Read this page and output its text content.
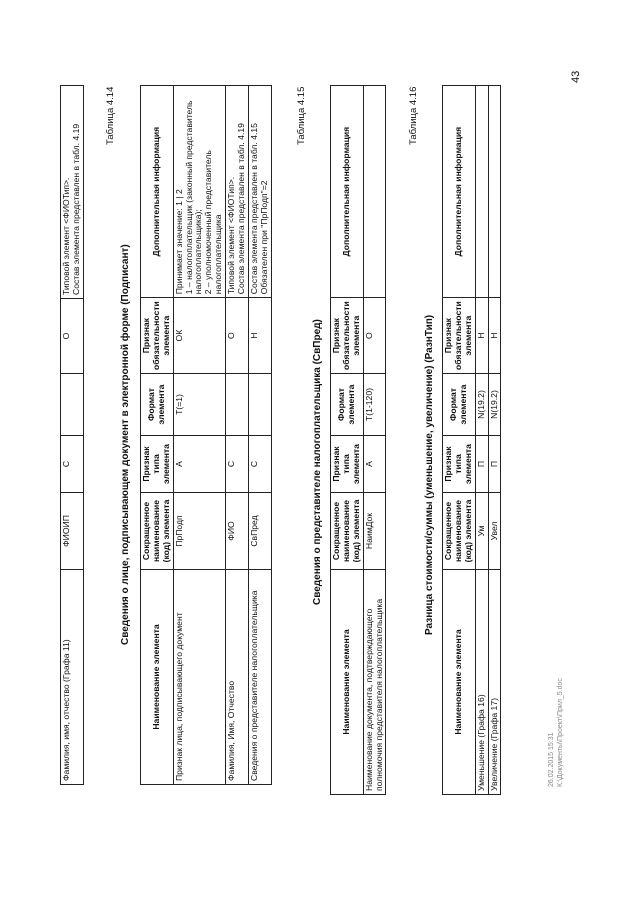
43
Фамилия, имя, отчество (Графа 11)	ФИОИП	С		О	Типовой элемент <ФИОТип>.
Состав элемента представлен в табл. 4.19	Таблица 4.14
Сведения о лице, подписывающем документ в электронной форме (Подписант)
Наименование элемента	Сокращенное наименование (код) элемента	Признак типа элемента	Формат элемента	Признак обязательности элемента	Дополнительная информация
Признак лица, подписывающего документ	ПрПодп	А	T(=1)	ОК	Принимает значение: 1 | 2
1 – налогоплательщик (законный представитель налогоплательщика);
2 – уполномоченный представитель налогоплательщика
Фамилия, Имя, Отчество	ФИО	С		О	Типовой элемент <ФИОТип>.
Состав элемента представлен в табл. 4.19
Сведения о представителе налогоплательщика	СвПред	С		Н	Состав элемента представлен в табл. 4.15
Обязателен при "ПрПодп"=2
Таблица 4.15
Сведения о представителе налогоплательщика (СвПред)
Наименование элемента	Сокращенное наименование (код) элемента	Признак типа элемента	Формат элемента	Признак обязательности элемента	Дополнительная информация
Наименование документа, подтверждающего полномочия представителя налогоплательщика	НаимДок	А	T(1-120)	О	
Таблица 4.16
Разница стоимости/суммы (уменьшение, увеличение) (РазнТип)
Наименование элемента	Сокращенное наименование (код) элемента	Признак типа элемента	Формат элемента	Признак обязательности элемента	Дополнительная информация
Уменьшение (Графа 16)	Ум	П	N(19.2)	Н	
Увеличение (Графа 17)	Увел	П	N(19.2)	Н	
26.02.2015 15:31 К:\Документы\Проект\Прил_5.doc
